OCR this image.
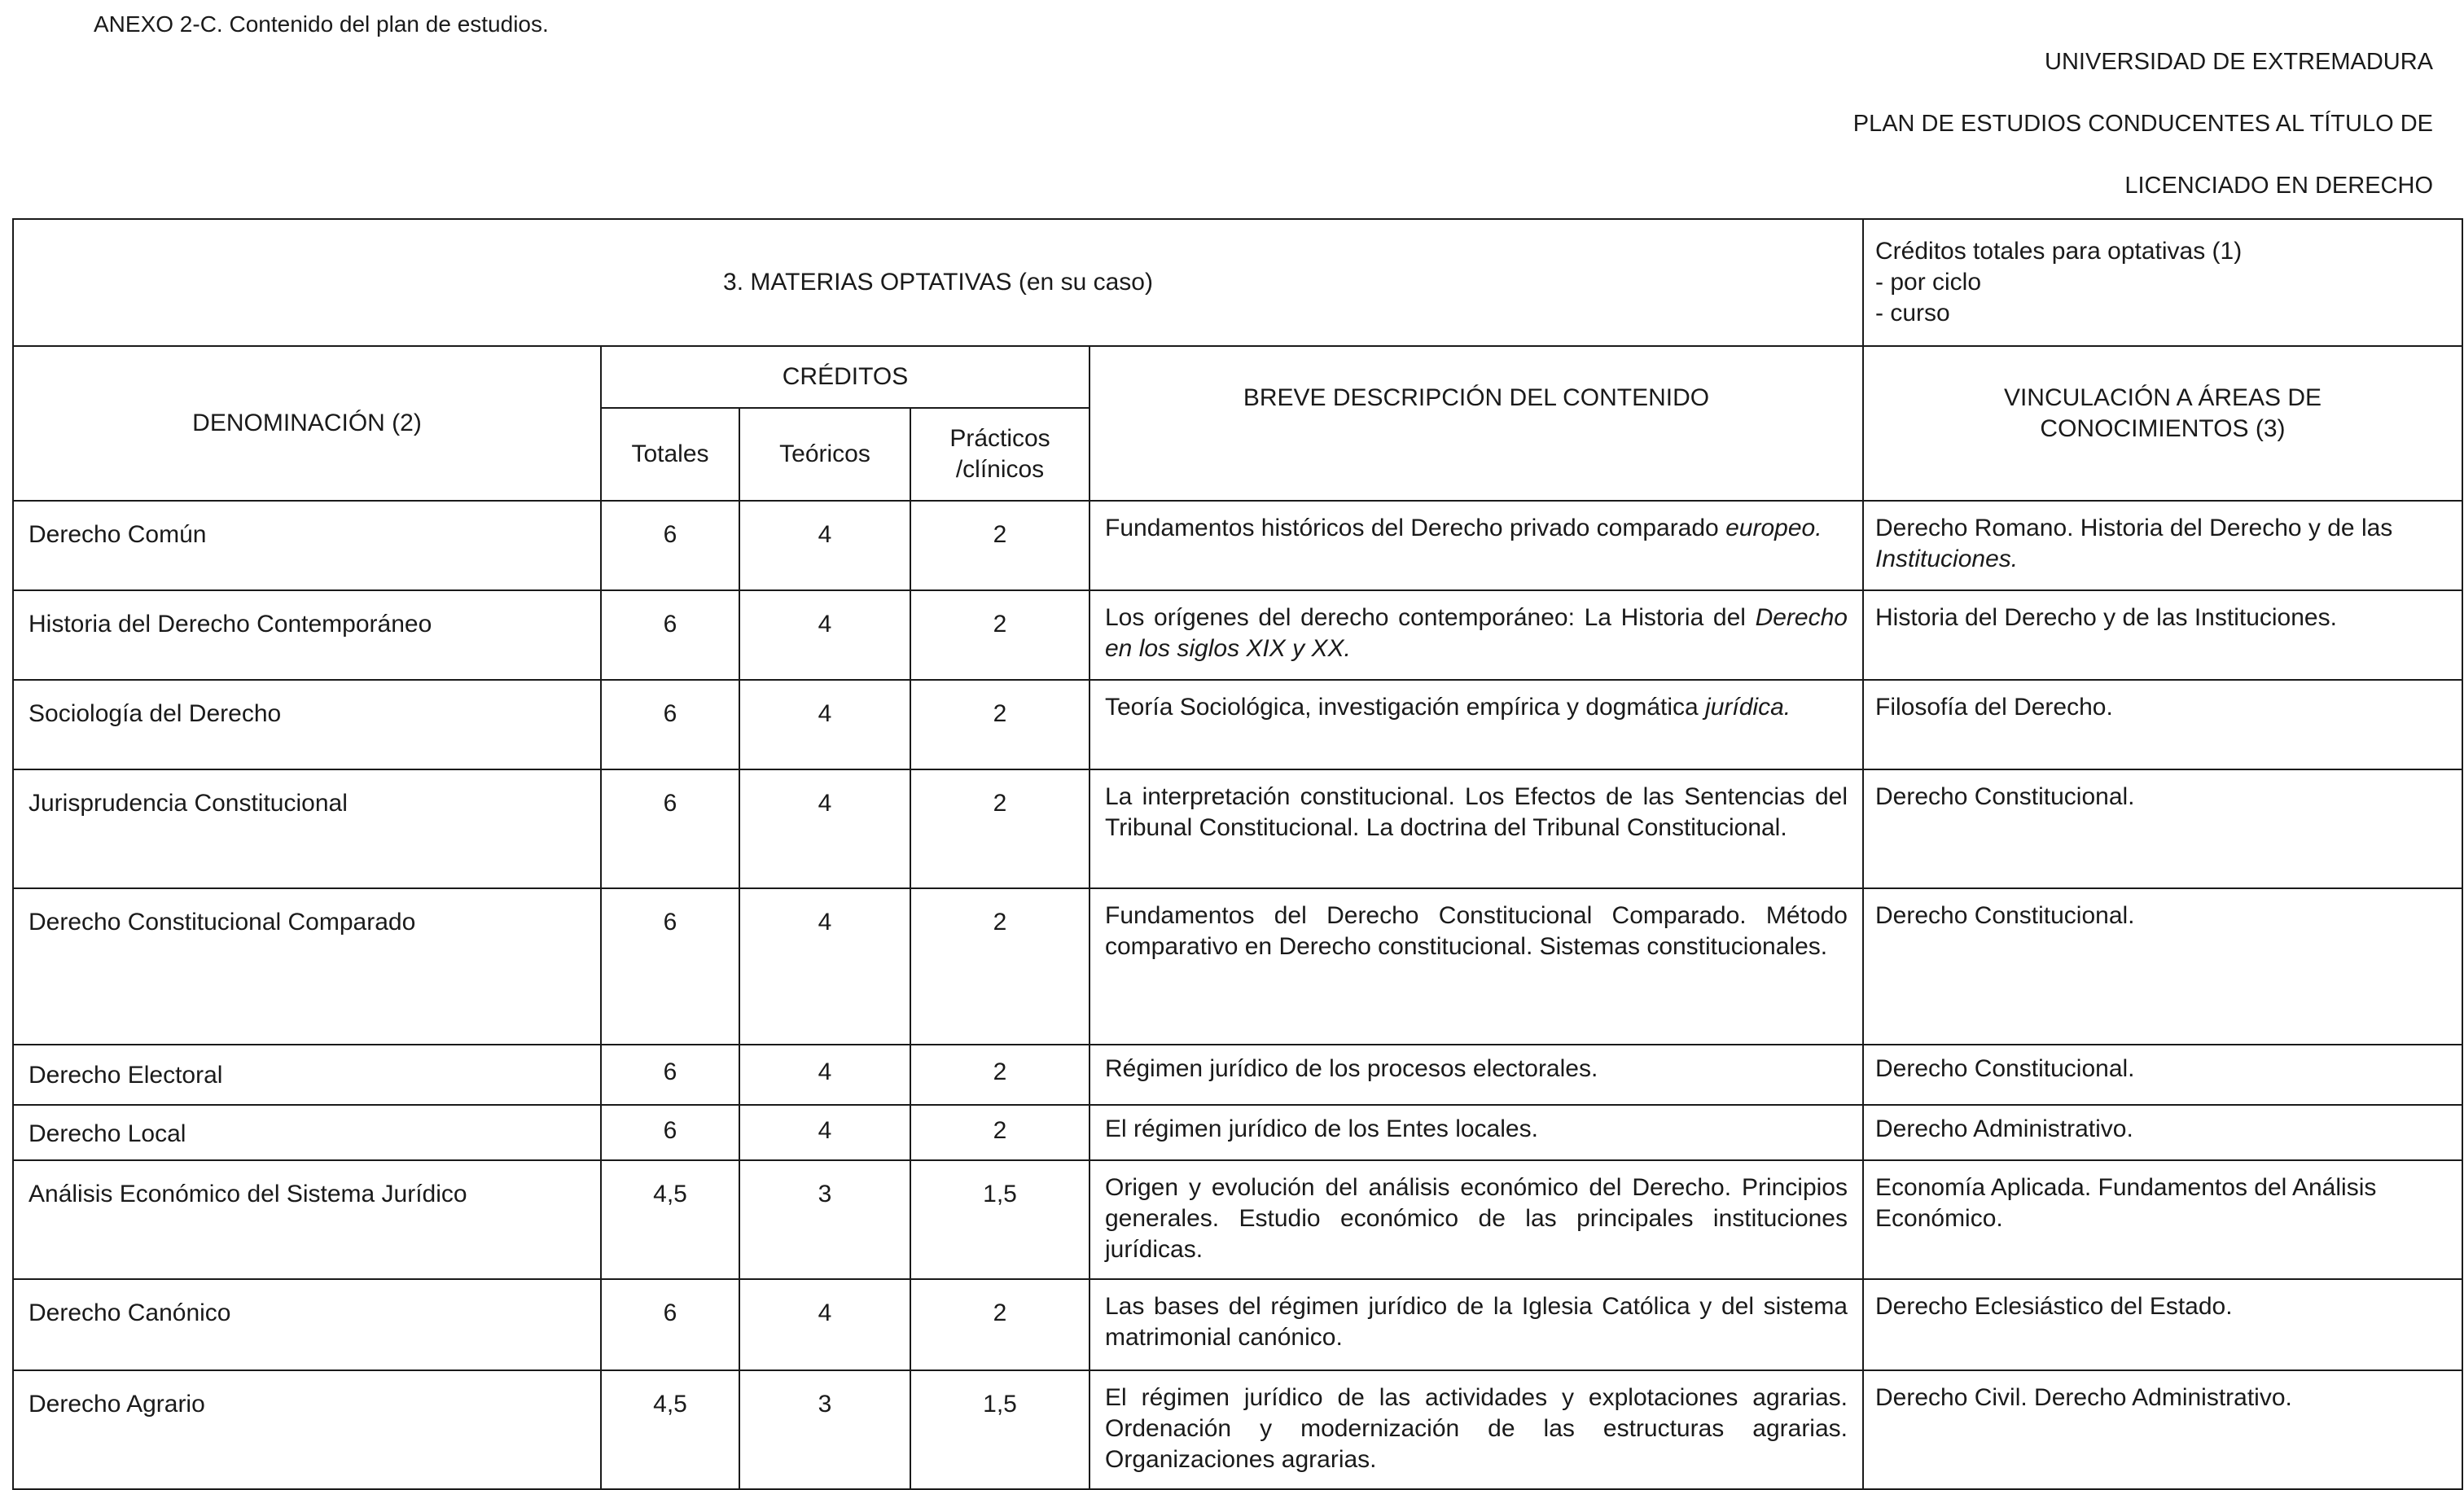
ANEXO 2-C. Contenido del plan de estudios.
UNIVERSIDAD DE EXTREMADURA
PLAN DE ESTUDIOS CONDUCENTES AL TÍTULO DE
LICENCIADO EN DERECHO
3. MATERIAS OPTATIVAS (en su caso)					Créditos totales para optativas (1)
- por ciclo
- curso

DENOMINACIÓN (2)	CRÉDITOS			BREVE DESCRIPCIÓN DEL CONTENIDO	VINCULACIÓN A ÁREAS DE
CONOCIMIENTOS (3)

	Totales	Teóricos	Prácticos
/clínicos		

Derecho Común	6	4	2	Fundamentos históricos del Derecho privado comparado europeo.	Derecho Romano. Historia del Derecho y de las Instituciones.
Historia del Derecho Contemporáneo	6	4	2	Los orígenes del derecho contemporáneo: La Historia del Derecho en los siglos XIX y XX.	Historia del Derecho y de las Instituciones.
Sociología del Derecho	6	4	2	Teoría Sociológica, investigación empírica y dogmática jurídica.	Filosofía del Derecho.
Jurisprudencia Constitucional	6	4	2	La interpretación constitucional. Los Efectos de las Sentencias del Tribunal Constitucional. La doctrina del Tribunal Constitucional.	Derecho Constitucional.
Derecho Constitucional Comparado	6	4	2	Fundamentos del Derecho Constitucional Comparado. Método comparativo en Derecho constitucional. Sistemas constitucionales.	Derecho Constitucional.
Derecho Electoral	6	4	2	Régimen jurídico de los procesos electorales.	Derecho Constitucional.
Derecho Local	6	4	2	El régimen jurídico de los Entes locales.	Derecho Administrativo.
Análisis Económico del Sistema Jurídico	4,5	3	1,5	Origen y evolución del análisis económico del Derecho. Principios generales. Estudio económico de las principales instituciones jurídicas.	Economía Aplicada. Fundamentos del Análisis Económico.
Derecho Canónico	6	4	2	Las bases del régimen jurídico de la Iglesia Católica y del sistema matrimonial canónico.	Derecho Eclesiástico del Estado.
Derecho Agrario	4,5	3	1,5	El régimen jurídico de las actividades y explotaciones agrarias. Ordenación y modernización de las estructuras agrarias. Organizaciones agrarias.	Derecho Civil. Derecho Administrativo.
